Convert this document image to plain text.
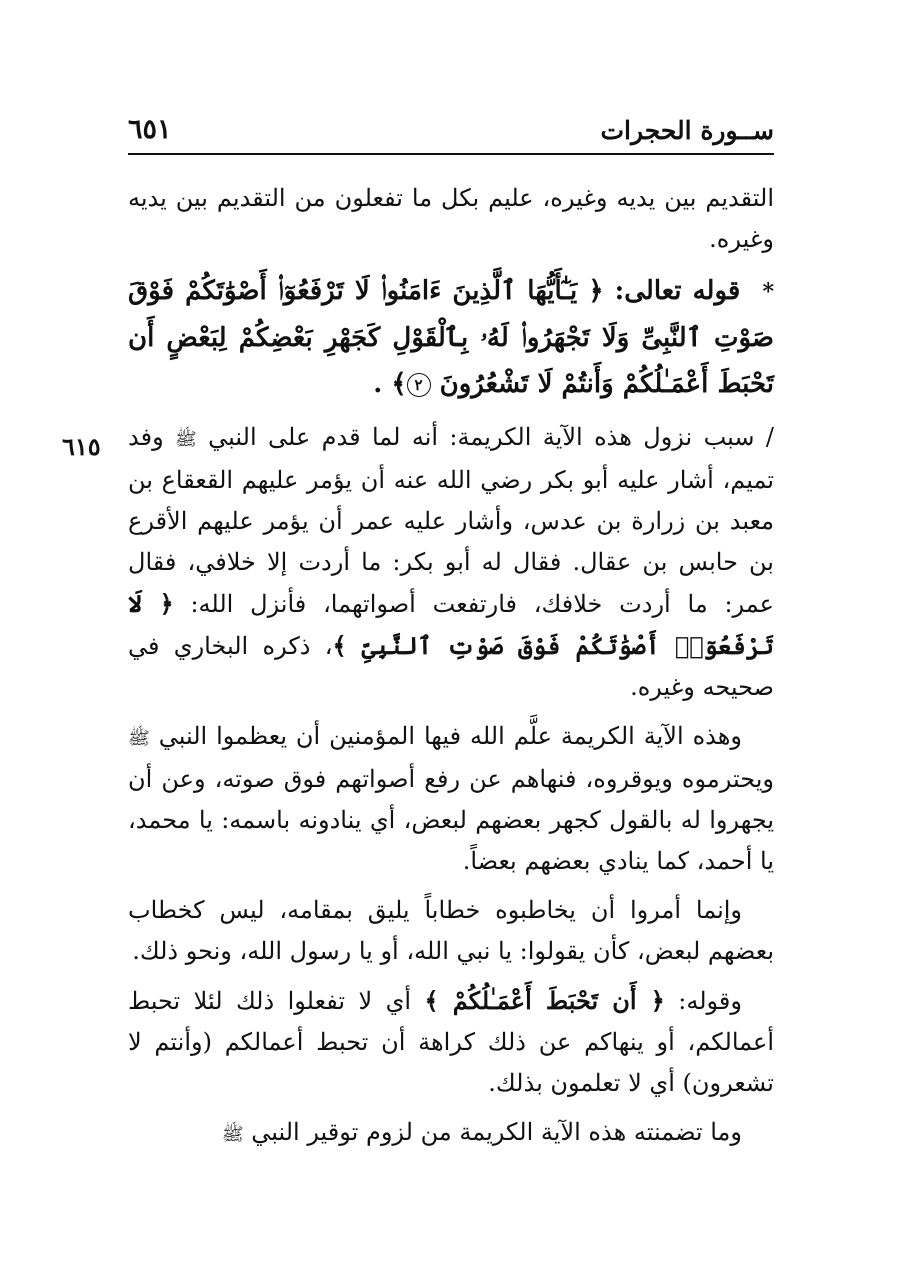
ســورة الحجرات
٦٥١
٦١٥

التقديم بين يديه وغيره، عليم بكل ما تفعلون من التقديم بين يديه وغيره.

*  قوله تعالى: ﴿ يَـٰٓأَيُّهَا ٱلَّذِينَ ءَامَنُوا۟ لَا تَرْفَعُوٓا۟ أَصْوَٰتَكُمْ فَوْقَ صَوْتِ ٱلنَّبِىِّ وَلَا تَجْهَرُوا۟ لَهُۥ بِٱلْقَوْلِ كَجَهْرِ بَعْضِكُمْ لِبَعْضٍ أَن تَحْبَطَ أَعْمَـٰلُكُمْ وَأَنتُمْ لَا تَشْعُرُونَ ٢﴾ .

/ سبب نزول هذه الآية الكريمة: أنه لما قدم على النبي ﷺ وفد تميم، أشار عليه أبو بكر رضي الله عنه أن يؤمر عليهم القعقاع بن معبد بن زرارة بن عدس، وأشار عليه عمر أن يؤمر عليهم الأقرع بن حابس بن عقال. فقال له أبو بكر: ما أردت إلا خلافي، فقال عمر: ما أردت خلافك، فارتفعت أصواتهما، فأنزل الله: ﴿ لَا تَرْفَعُوٓا۟ أَصْوَٰتَكُمْ فَوْقَ صَوْتِ ٱلنَّبِىِّ ﴾، ذكره البخاري في صحيحه وغيره.

وهذه الآية الكريمة علَّم الله فيها المؤمنين أن يعظموا النبي ﷺ ويحترموه ويوقروه، فنهاهم عن رفع أصواتهم فوق صوته، وعن أن يجهروا له بالقول كجهر بعضهم لبعض، أي ينادونه باسمه: يا محمد، يا أحمد، كما ينادي بعضهم بعضاً.

وإنما أمروا أن يخاطبوه خطاباً يليق بمقامه، ليس كخطاب بعضهم لبعض، كأن يقولوا: يا نبي الله، أو يا رسول الله، ونحو ذلك.

وقوله: ﴿ أَن تَحْبَطَ أَعْمَـٰلُكُمْ ﴾ أي لا تفعلوا ذلك لئلا تحبط أعمالكم، أو ينهاكم عن ذلك كراهة أن تحبط أعمالكم (وأنتم لا تشعرون) أي لا تعلمون بذلك.

وما تضمنته هذه الآية الكريمة من لزوم توقير النبي ﷺ
